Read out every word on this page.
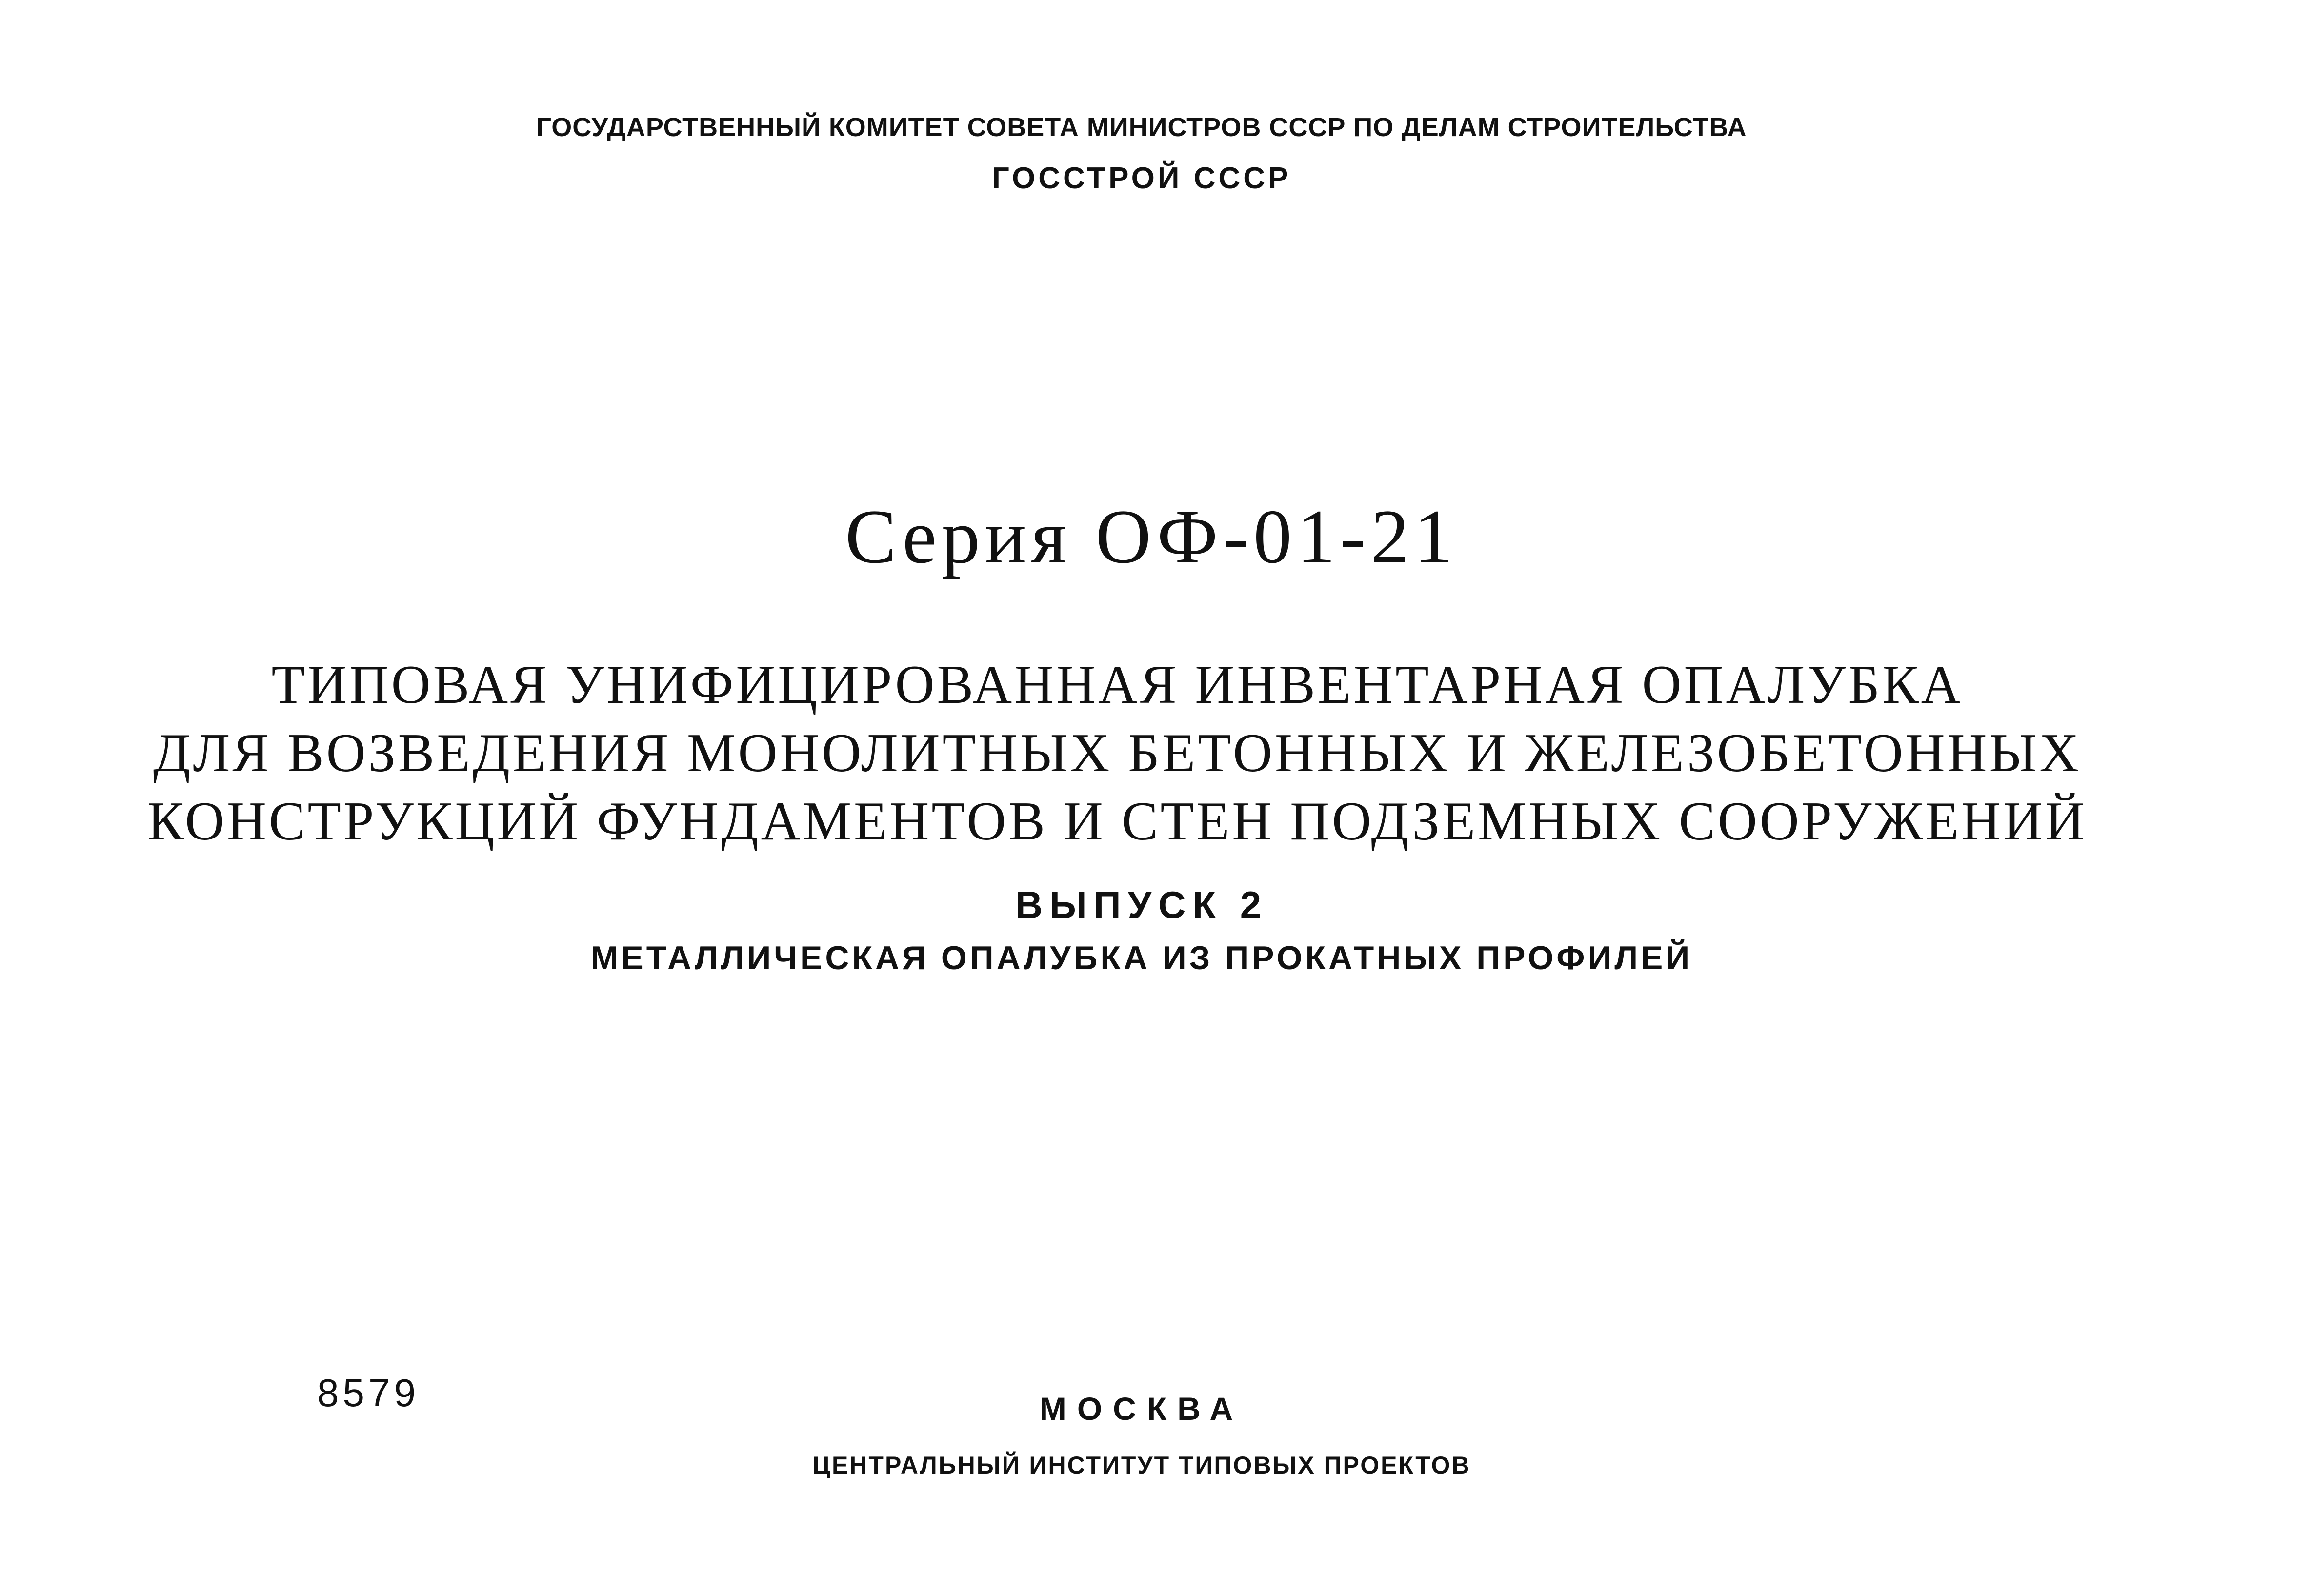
ГОСУДАРСТВЕННЫЙ КОМИТЕТ СОВЕТА МИНИСТРОВ СССР ПО ДЕЛАМ СТРОИТЕЛЬСТВА
ГОССТРОЙ СССР
Серия ОФ-01-21
ТИПОВАЯ УНИФИЦИРОВАННАЯ ИНВЕНТАРНАЯ ОПАЛУБКА
ДЛЯ ВОЗВЕДЕНИЯ МОНОЛИТНЫХ БЕТОННЫХ И ЖЕЛЕЗОБЕТОННЫХ
КОНСТРУКЦИЙ ФУНДАМЕНТОВ И СТЕН ПОДЗЕМНЫХ СООРУЖЕНИЙ
ВЫПУСК 2
МЕТАЛЛИЧЕСКАЯ ОПАЛУБКА ИЗ ПРОКАТНЫХ ПРОФИЛЕЙ
8579	МОСКВА
ЦЕНТРАЛЬНЫЙ ИНСТИТУТ ТИПОВЫХ ПРОЕКТОВ
